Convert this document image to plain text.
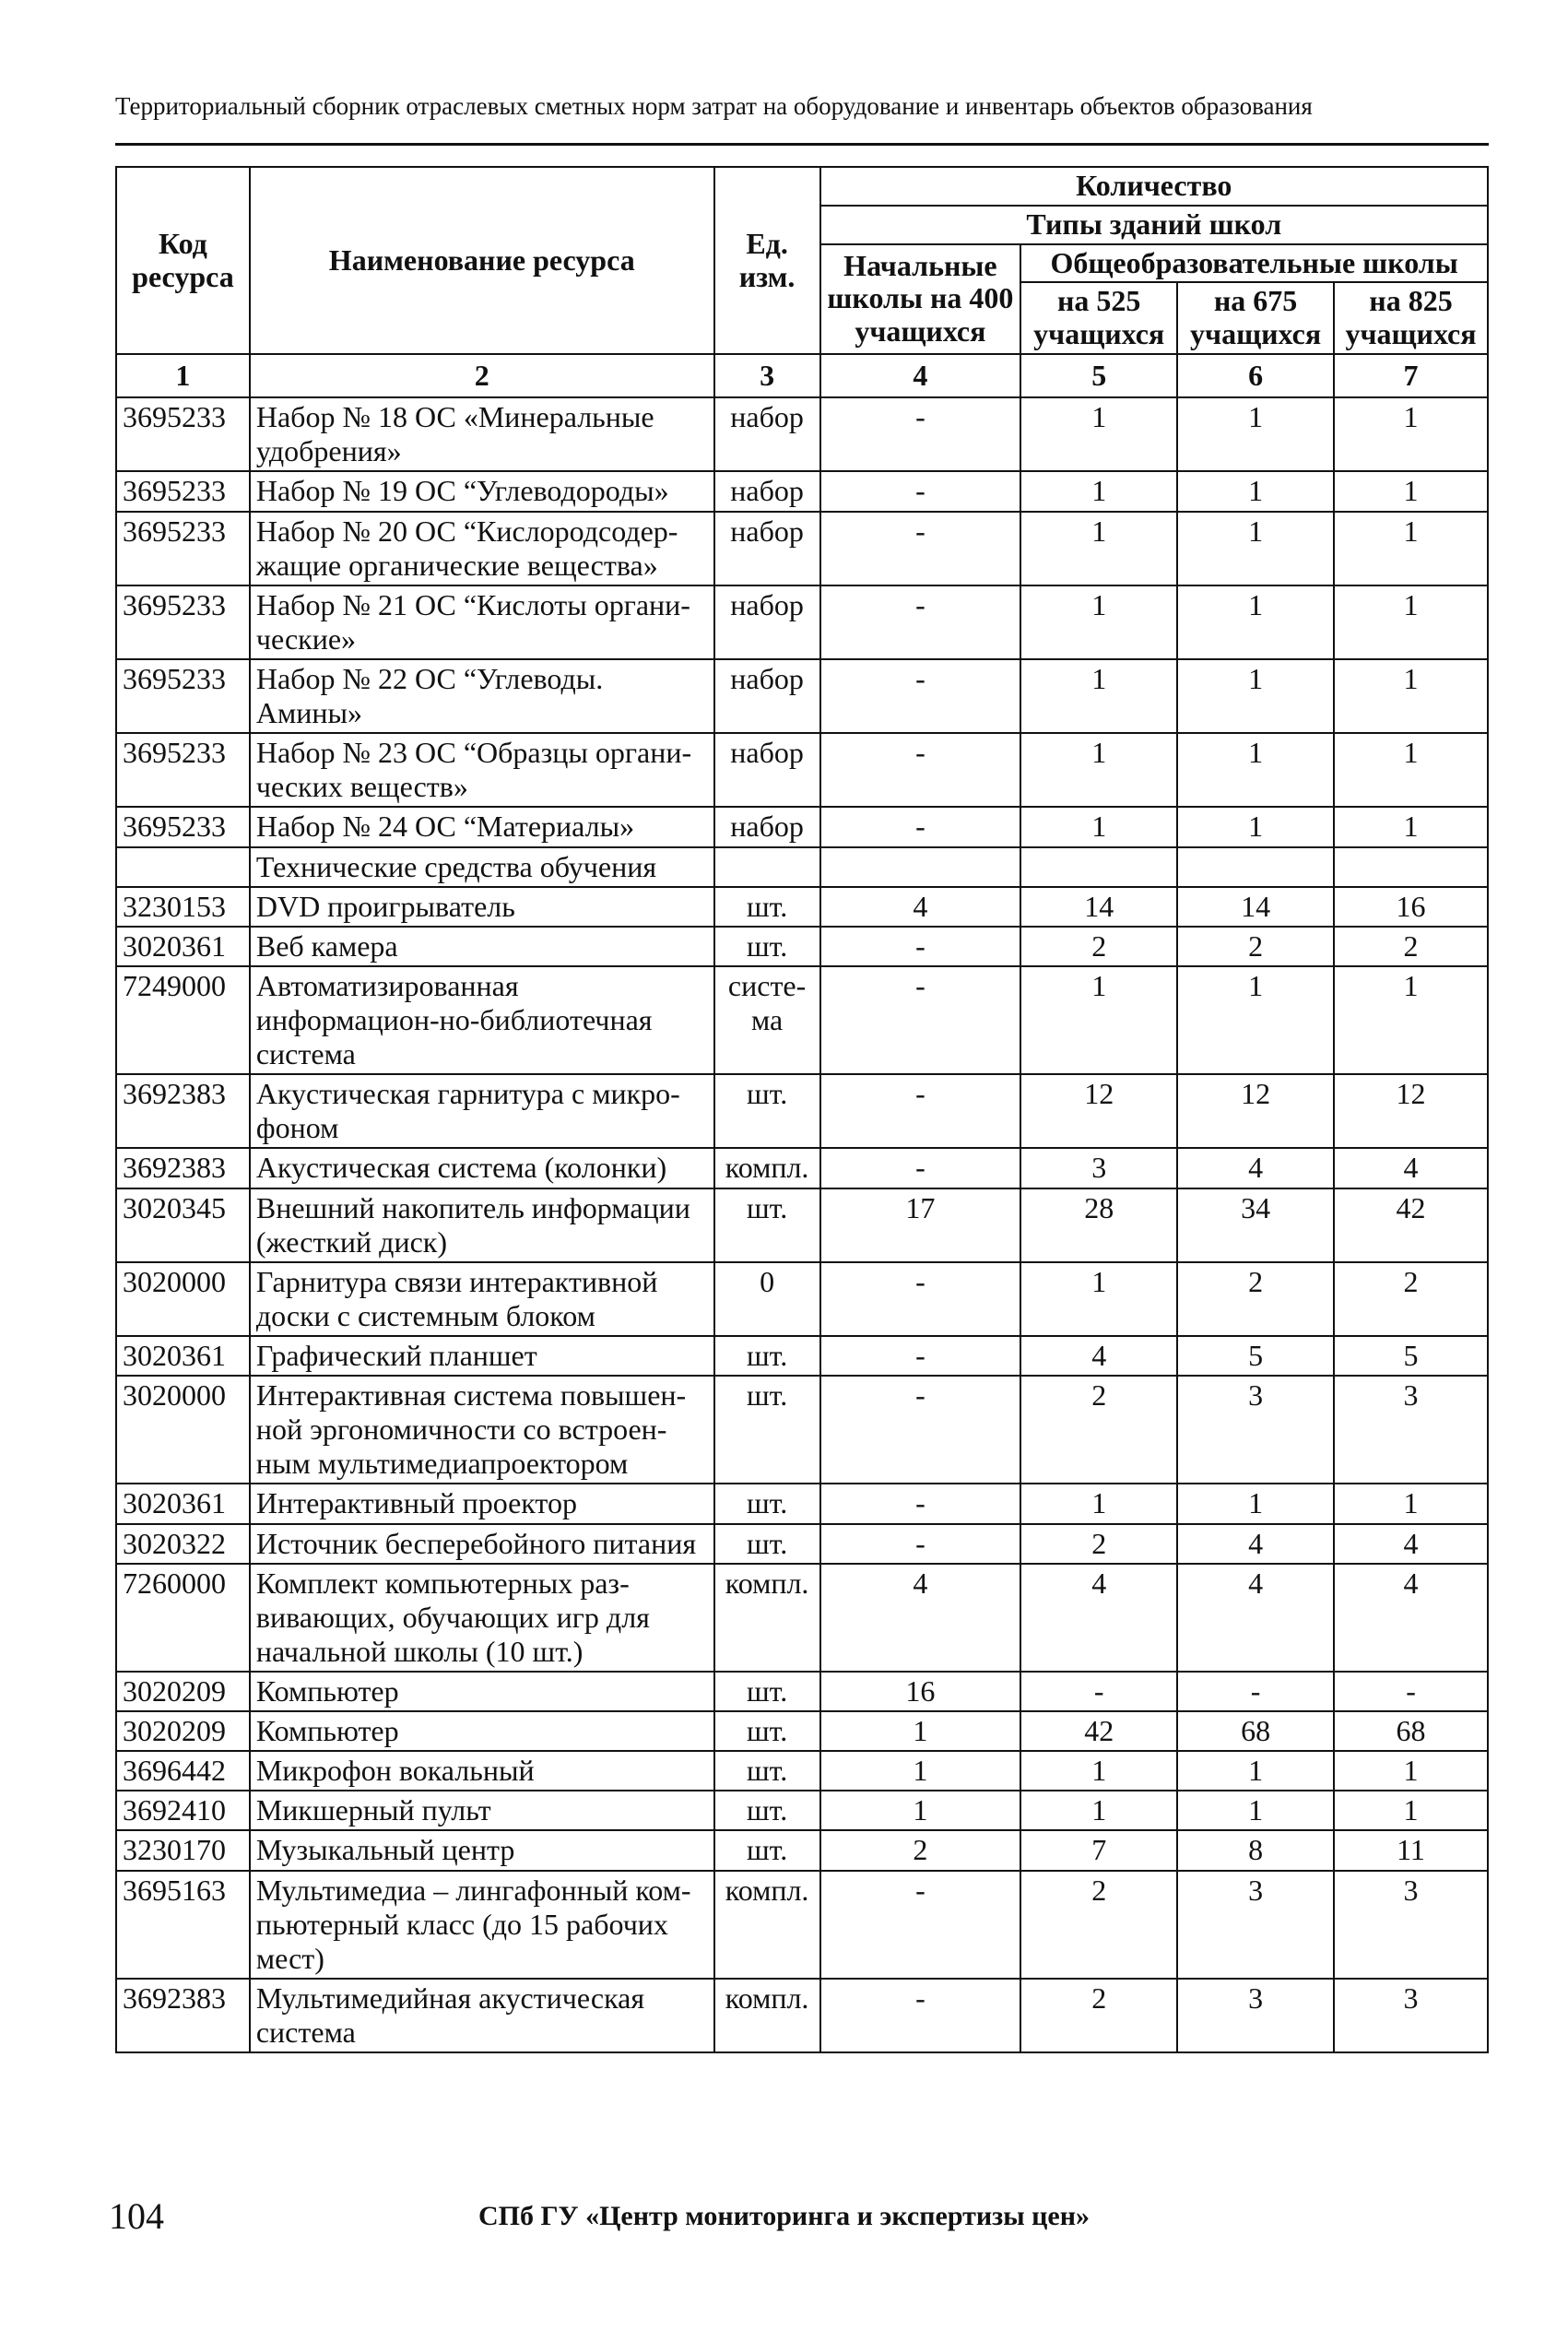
Территориальный сборник отраслевых сметных норм затрат на оборудование и инвентарь объектов образования
Код ресурса	Наименование ресурса	Ед. изм.	Количество			
			Типы зданий школ			
			Начальные школы на 400 учащихся	Общеобразовательные школы		
				на 525 учащихся	на 675 учащихся	на 825 учащихся
1	2	3	4	5	6	7
3695233	Набор № 18 ОС «Минеральные удобрения»	набор	-	1	1	1
3695233	Набор № 19 ОС “Углеводороды»	набор	-	1	1	1
3695233	Набор № 20 ОС “Кислородсодер-жащие органические вещества»	набор	-	1	1	1
3695233	Набор № 21 ОС “Кислоты органи-ческие»	набор	-	1	1	1
3695233	Набор № 22 ОС “Углеводы. Амины»	набор	-	1	1	1
3695233	Набор № 23 ОС “Образцы органи-ческих веществ»	набор	-	1	1	1
3695233	Набор № 24 ОС “Материалы»	набор	-	1	1	1
	Технические средства обучения					
3230153	DVD проигрыватель	шт.	4	14	14	16
3020361	Веб камера	шт.	-	2	2	2
7249000	Автоматизированная информацион-но-библиотечная система	систе-ма	-	1	1	1
3692383	Акустическая гарнитура с микро-фоном	шт.	-	12	12	12
3692383	Акустическая система (колонки)	компл.	-	3	4	4
3020345	Внешний накопитель информации (жесткий диск)	шт.	17	28	34	42
3020000	Гарнитура связи интерактивной доски с системным блоком	0	-	1	2	2
3020361	Графический планшет	шт.	-	4	5	5
3020000	Интерактивная система повышен-ной эргономичности со встроен-ным мультимедиапроектором	шт.	-	2	3	3
3020361	Интерактивный проектор	шт.	-	1	1	1
3020322	Источник бесперебойного питания	шт.	-	2	4	4
7260000	Комплект компьютерных раз-вивающих, обучающих игр для начальной школы (10 шт.)	компл.	4	4	4	4
3020209	Компьютер	шт.	16	-	-	-
3020209	Компьютер	шт.	1	42	68	68
3696442	Микрофон вокальный	шт.	1	1	1	1
3692410	Микшерный пульт	шт.	1	1	1	1
3230170	Музыкальный центр	шт.	2	7	8	11
3695163	Мультимедиа – лингафонный ком-пьютерный класс (до 15 рабочих мест)	компл.	-	2	3	3
3692383	Мультимедийная акустическая система	компл.	-	2	3	3
104	СПб ГУ «Центр мониторинга и экспертизы цен»
